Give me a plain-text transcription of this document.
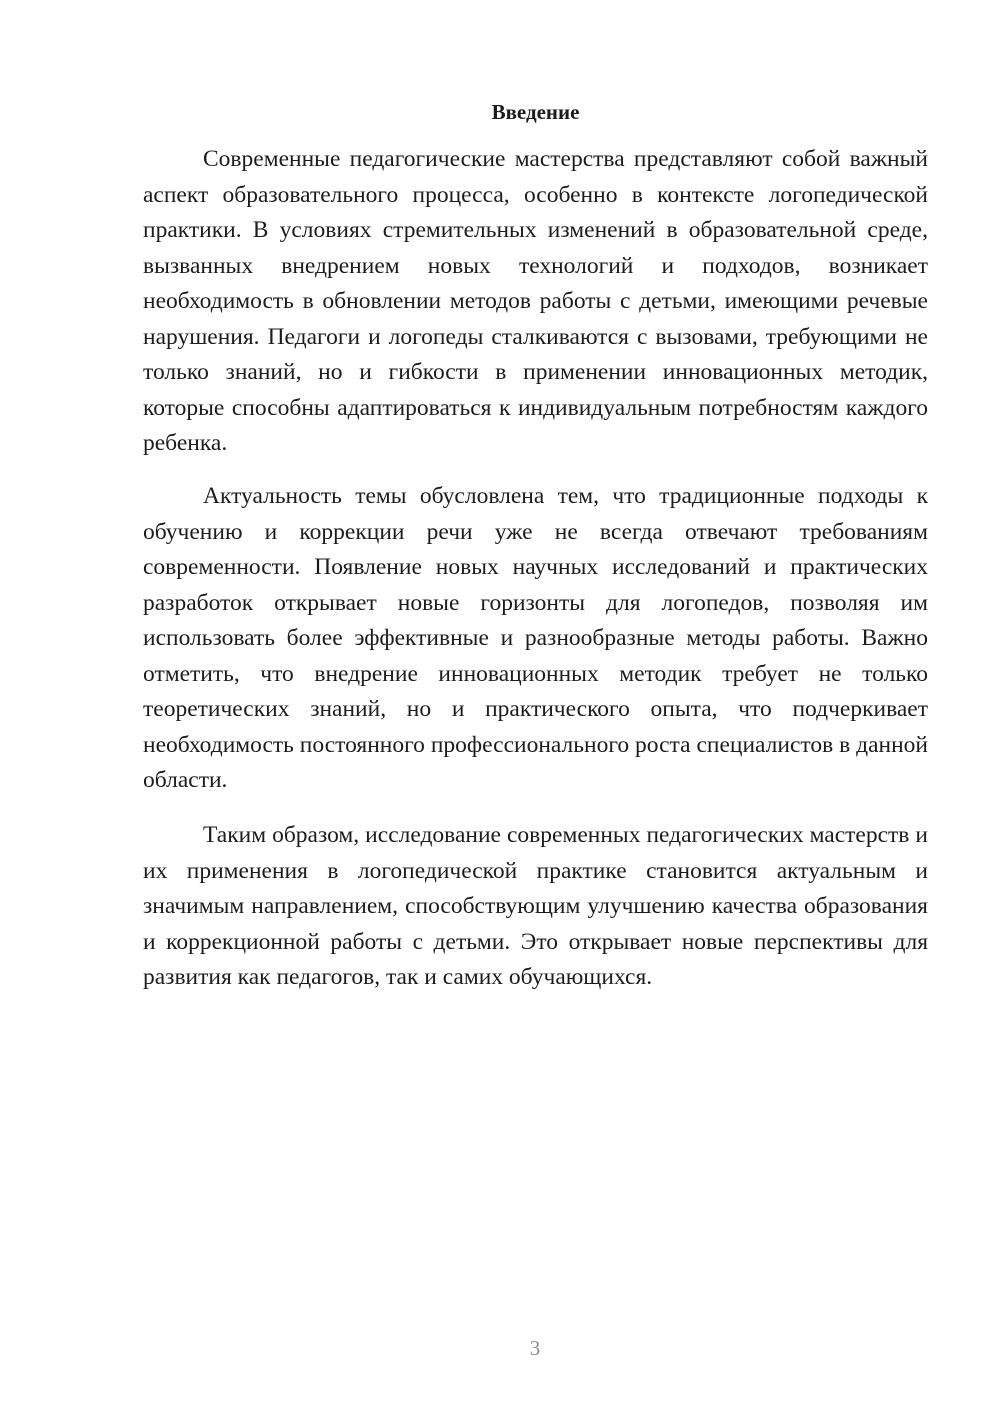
Введение

Современные педагогические мастерства представляют собой важный аспект образовательного процесса, особенно в контексте логопедической практики. В условиях стремительных изменений в образовательной среде, вызванных внедрением новых технологий и подходов, возникает необходимость в обновлении методов работы с детьми, имеющими речевые нарушения. Педагоги и логопеды сталкиваются с вызовами, требующими не только знаний, но и гибкости в применении инновационных методик, которые способны адаптироваться к индивидуальным потребностям каждого ребенка.

Актуальность темы обусловлена тем, что традиционные подходы к обучению и коррекции речи уже не всегда отвечают требованиям современности. Появление новых научных исследований и практических разработок открывает новые горизонты для логопедов, позволяя им использовать более эффективные и разнообразные методы работы. Важно отметить, что внедрение инновационных методик требует не только теоретических знаний, но и практического опыта, что подчеркивает необходимость постоянного профессионального роста специалистов в данной области.

Таким образом, исследование современных педагогических мастерств и их применения в логопедической практике становится актуальным и значимым направлением, способствующим улучшению качества образования и коррекционной работы с детьми. Это открывает новые перспективы для развития как педагогов, так и самих обучающихся.

3
